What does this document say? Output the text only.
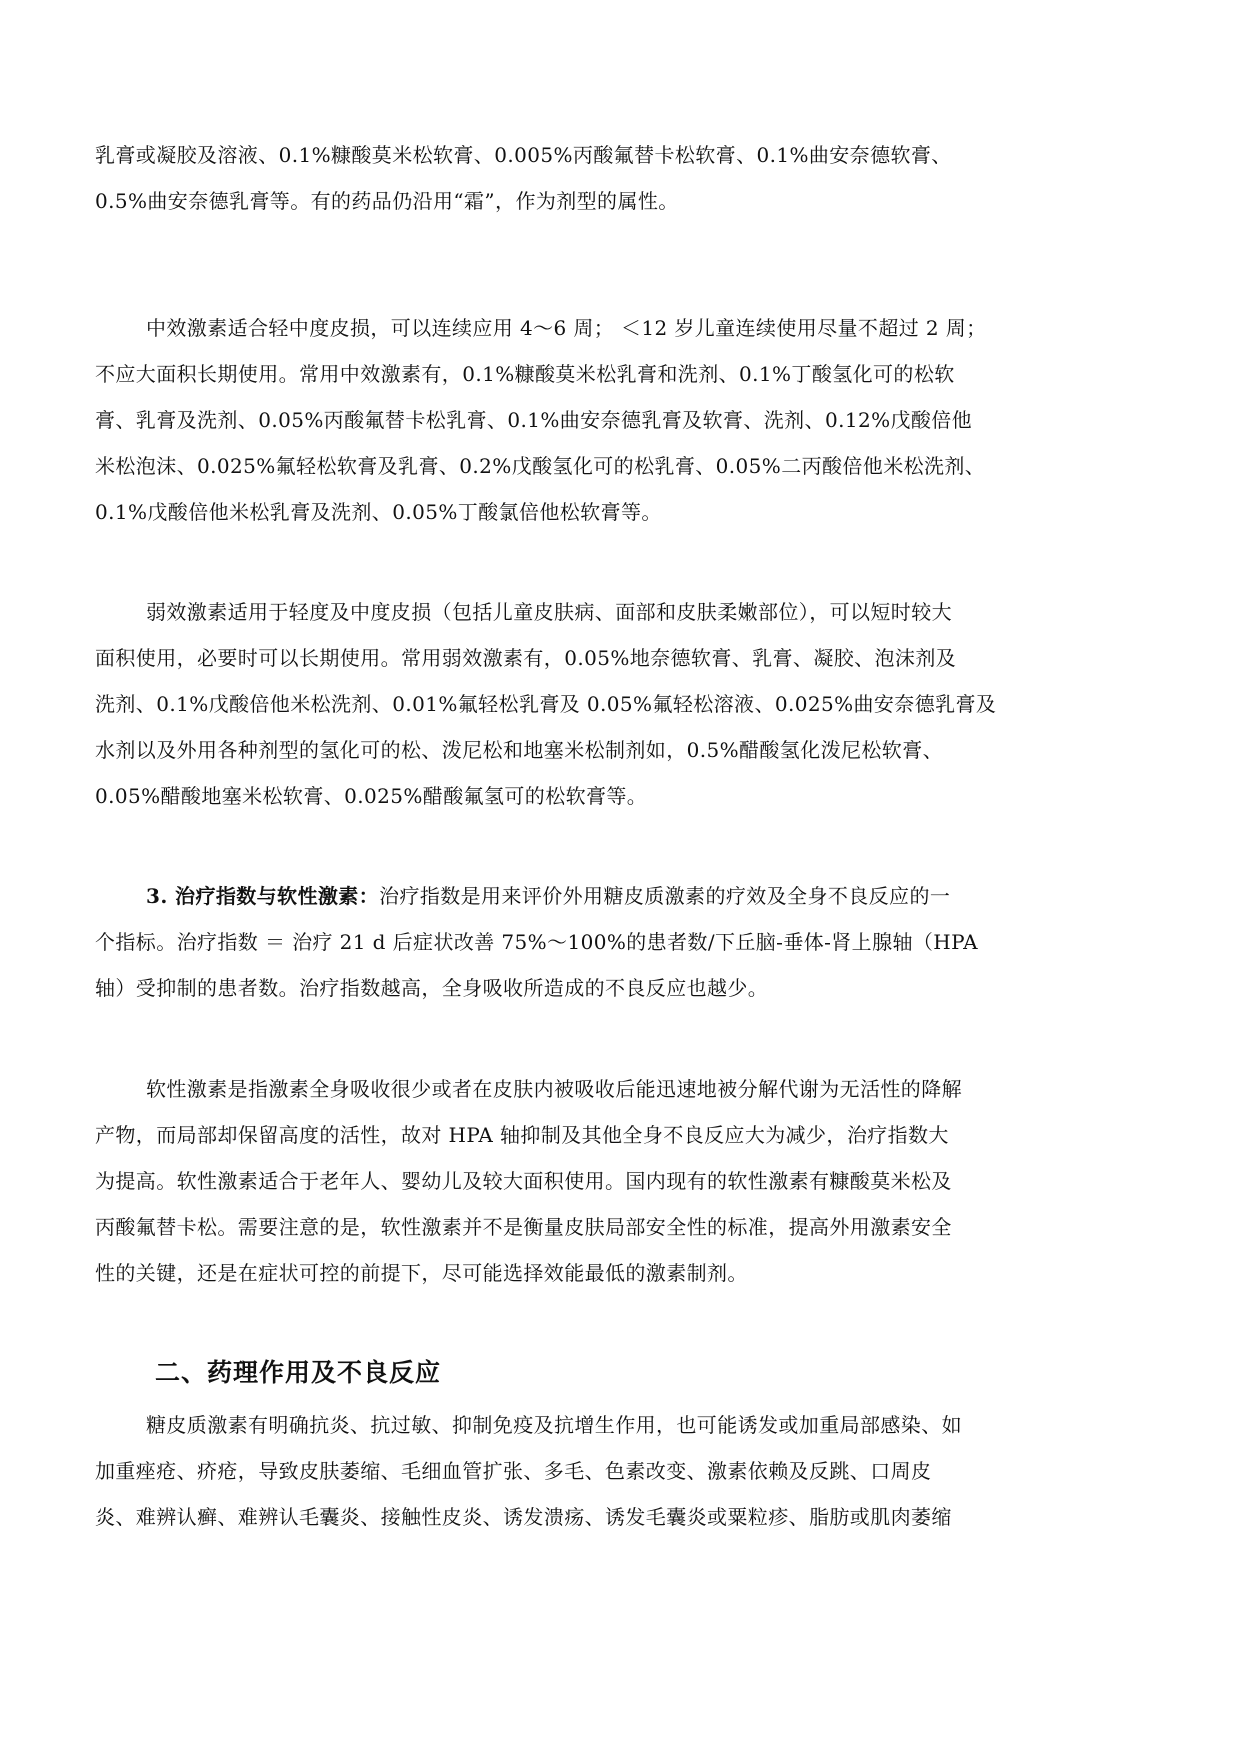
乳膏或凝胶及溶液、0.1%糠酸莫米松软膏、0.005%丙酸氟替卡松软膏、0.1%曲安奈德软膏、

0.5%曲安奈德乳膏等。有的药品仍沿用“霜”，作为剂型的属性。

中效激素适合轻中度皮损，可以连续应用 4～6 周； ＜12 岁儿童连续使用尽量不超过 2 周；

不应大面积长期使用。常用中效激素有，0.1%糠酸莫米松乳膏和洗剂、0.1%丁酸氢化可的松软

膏、乳膏及洗剂、0.05%丙酸氟替卡松乳膏、0.1%曲安奈德乳膏及软膏、洗剂、0.12%戊酸倍他

米松泡沫、0.025%氟轻松软膏及乳膏、0.2%戊酸氢化可的松乳膏、0.05%二丙酸倍他米松洗剂、

0.1%戊酸倍他米松乳膏及洗剂、0.05%丁酸氯倍他松软膏等。

弱效激素适用于轻度及中度皮损（包括儿童皮肤病、面部和皮肤柔嫩部位），可以短时较大

面积使用，必要时可以长期使用。常用弱效激素有，0.05%地奈德软膏、乳膏、凝胶、泡沫剂及

洗剂、0.1%戊酸倍他米松洗剂、0.01%氟轻松乳膏及 0.05%氟轻松溶液、0.025%曲安奈德乳膏及

水剂以及外用各种剂型的氢化可的松、泼尼松和地塞米松制剂如，0.5%醋酸氢化泼尼松软膏、

0.05%醋酸地塞米松软膏、0.025%醋酸氟氢可的松软膏等。

3. 治疗指数与软性激素：治疗指数是用来评价外用糖皮质激素的疗效及全身不良反应的一

个指标。治疗指数 ＝ 治疗 21 d 后症状改善 75%～100%的患者数/下丘脑-垂体-肾上腺轴（HPA

轴）受抑制的患者数。治疗指数越高，全身吸收所造成的不良反应也越少。

软性激素是指激素全身吸收很少或者在皮肤内被吸收后能迅速地被分解代谢为无活性的降解

产物，而局部却保留高度的活性，故对 HPA 轴抑制及其他全身不良反应大为减少，治疗指数大

为提高。软性激素适合于老年人、婴幼儿及较大面积使用。国内现有的软性激素有糠酸莫米松及

丙酸氟替卡松。需要注意的是，软性激素并不是衡量皮肤局部安全性的标准，提高外用激素安全

性的关键，还是在症状可控的前提下，尽可能选择效能最低的激素制剂。

二、药理作用及不良反应

糖皮质激素有明确抗炎、抗过敏、抑制免疫及抗增生作用，也可能诱发或加重局部感染、如

加重痤疮、疥疮，导致皮肤萎缩、毛细血管扩张、多毛、色素改变、激素依赖及反跳、口周皮

炎、难辨认癣、难辨认毛囊炎、接触性皮炎、诱发溃疡、诱发毛囊炎或粟粒疹、脂肪或肌肉萎缩
